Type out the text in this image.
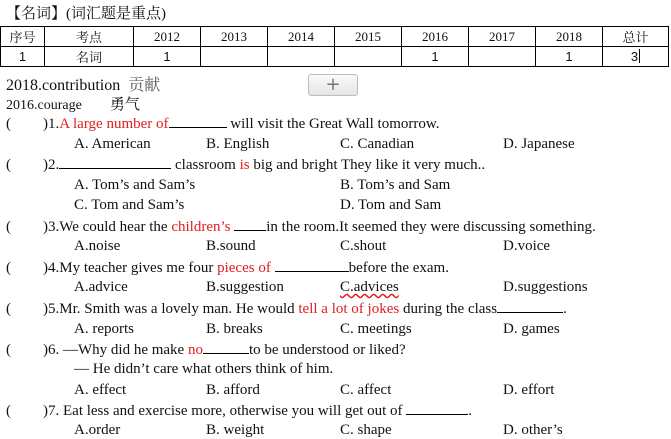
【名词】(词汇题是重点)
序号	考点	2012	2013	2014	2015	2016	2017	2018	总计
1	名词	1				1		1	3
2018.contribution 贡献
2016.courage 勇气
+
( )1.A large number of	will visit the Great Wall tomorrow.
A. American	B. English	C. Canadian	D. Japanese
( )2.	classroom is big and bright They like it very much..
A. Tom’s and Sam’s	B. Tom’s and Sam
C. Tom and Sam’s	D. Tom and Sam
( )3.We could hear the children’s in the room.It seemed they were discussing something.
A.noise	B.sound	C.shout	D.voice
( )4.My teacher gives me four pieces of	before the exam.
A.advice	B.suggestion	C.advices	D.suggestions
( )5.Mr. Smith was a lovely man. He would tell a lot of jokes during the class	.
A. reports	B. breaks	C. meetings	D. games
( )6. —Why did he make no	to be understood or liked?
— He didn’t care what others think of him.
A. effect	B. afford	C. affect	D. effort
( )7. Eat less and exercise more, otherwise you will get out of	.
A.order	B. weight	C. shape	D. other’s
